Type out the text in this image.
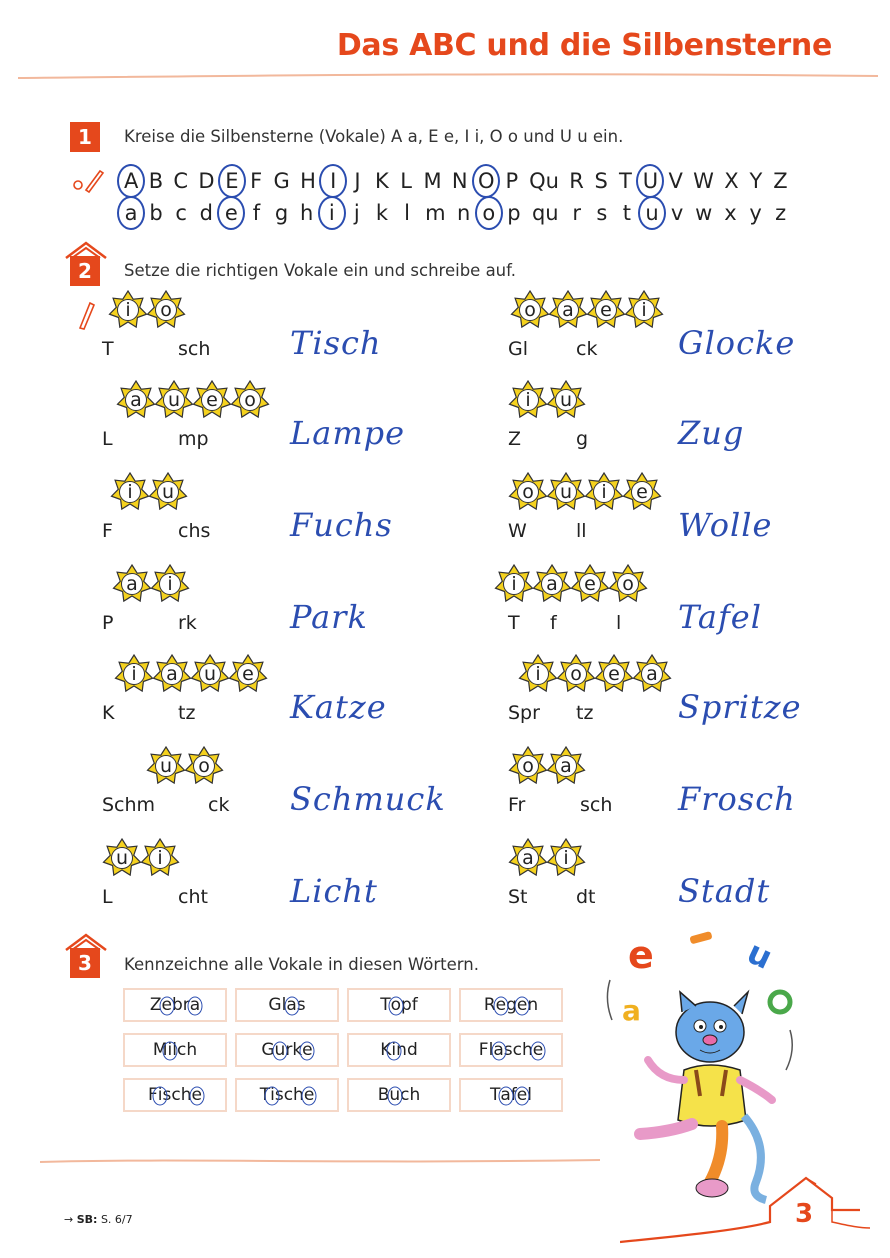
Das ABC und die Silbensterne
1	Kreise die Silbensterne (Vokale) A a, E e, I i, O o und U u ein.
A B C D E F G H I J K L M N O P Qu R S T U V W X Y Z
a b c d e f g h i j k l m n o p qu r s t u v w x y z
2	Setze die richtigen Vokale ein und schreibe auf.
i o
T	sch Tisch
a u e o
L	mp	Lampe
i u
F	chs Fuchs
a i
P	rk	Park
i a u e
K	tz	Katze
u o
Schm	ck Schmuck
u i
L	cht	Licht
o a e i
Gl	ck	Glocke
i u
Z	g	Zug
o u i e
W	ll	Wolle
i a e o
T f	l Tafel
i o e a
Spr tz	Spritze
o a
Fr	sch Frosch
a i
St	dt	Stadt
3	Kennzeichne alle Vokale in diesen Wörtern.
Z e b r a	G l a s	T o p f	R e g e n
M i l c h	G u r k e	K i n d	F l a s c h e
F i s c h e	T i s c h e	B u c h	T a f e l
e	u
a
→ SB: S. 6/7	3
